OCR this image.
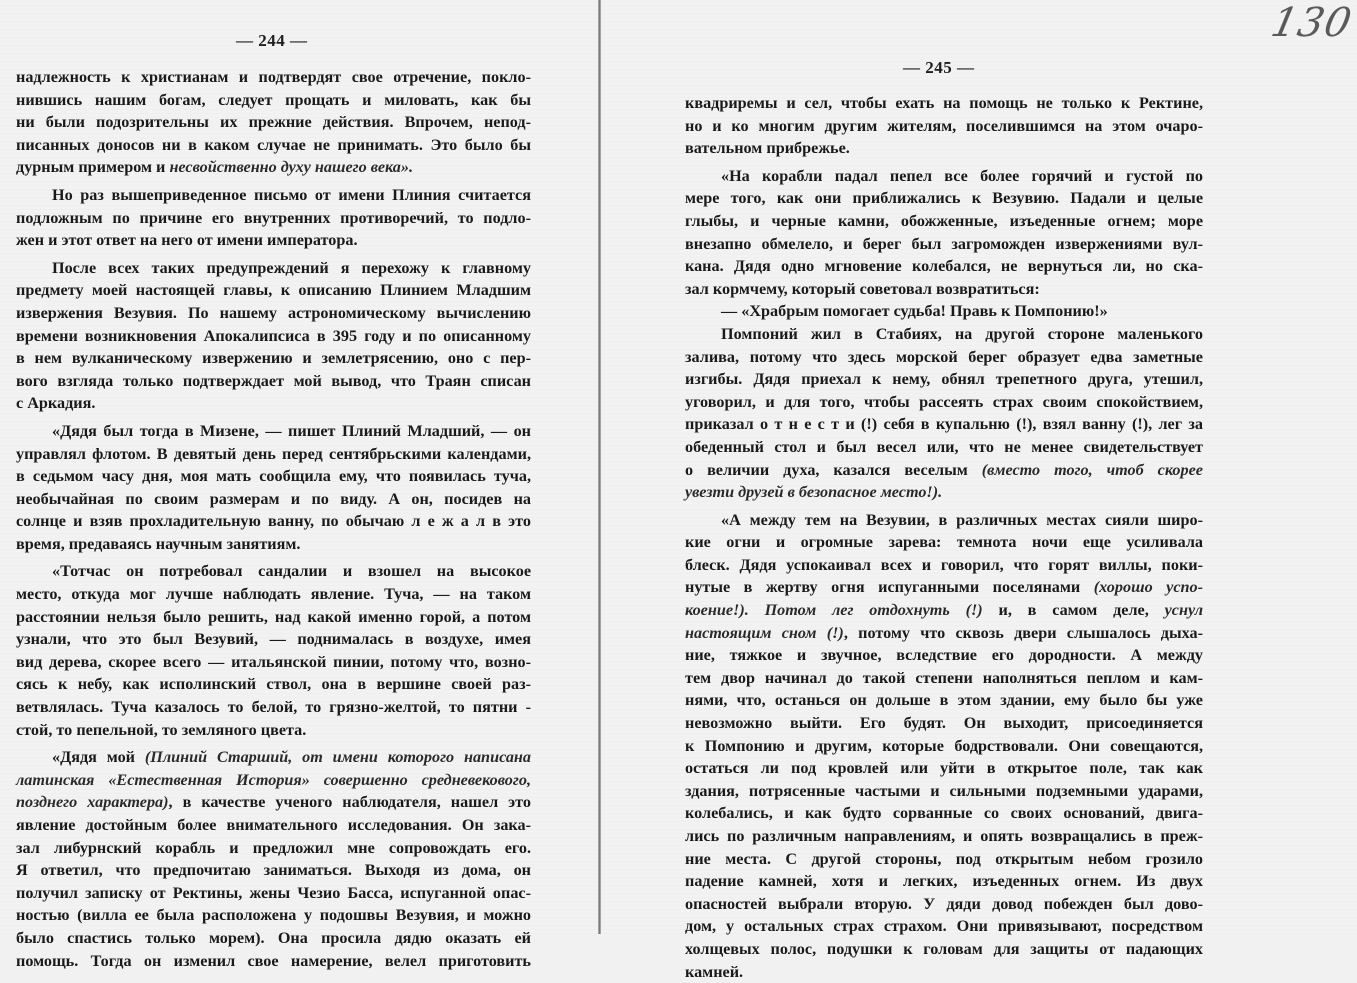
— 244 —
надлежность к христианам и подтвердят свое отречение, покло-
нившись нашим богам, следует прощать и миловать, как бы
ни были подозрительны их прежние действия. Впрочем, непод-
писанных доносов ни в каком случае не принимать. Это было бы
дурным примером и несвойственно духу нашего века».
Но раз вышеприведенное письмо от имени Плиния считается
подложным по причине его внутренних противоречий, то подло-
жен и этот ответ на него от имени императора.
После всех таких предупреждений я перехожу к главному
предмету моей настоящей главы, к описанию Плинием Младшим
извержения Везувия. По нашему астрономическому вычислению
времени возникновения Апокалипсиса в 395 году и по описанному
в нем вулканическому извержению и землетрясению, оно с пер-
вого взгляда только подтверждает мой вывод, что Траян списан
с Аркадия.
«Дядя был тогда в Мизене, — пишет Плиний Младший, — он
управлял флотом. В девятый день перед сентябрьскими календами,
в седьмом часу дня, моя мать сообщила ему, что появилась туча,
необычайная по своим размерам и по виду. А он, посидев на
солнце и взяв прохладительную ванну, по обычаю л е ж а л в это
время, предаваясь научным занятиям.
«Тотчас он потребовал сандалии и взошел на высокое
место, откуда мог лучше наблюдать явление. Туча, — на таком
расстоянии нельзя было решить, над какой именно горой, а потом
узнали, что это был Везувий, — поднималась в воздухе, имея
вид дерева, скорее всего — итальянской пинии, потому что, возно-
сясь к небу, как исполинский ствол, она в вершине своей раз-
ветвлялась. Туча казалось то белой, то грязно-желтой, то пятни -
стой, то пепельной, то земляного цвета.
«Дядя мой (Плиний Старший, от имени которого написана
латинская «Естественная История» совершенно средневекового,
позднего характера), в качестве ученого наблюдателя, нашел это
явление достойным более внимательного исследования. Он зака-
зал либурнский корабль и предложил мне сопровождать его.
Я ответил, что предпочитаю заниматься. Выходя из дома, он
получил записку от Ректины, жены Чезио Басса, испуганной опас-
ностью (вилла ее была расположена у подошвы Везувия, и можно
было спастись только морем). Она просила дядю оказать ей
помощь. Тогда он изменил свое намерение, велел приготовить
130
— 245 —
квадриремы и сел, чтобы ехать на помощь не только к Ректине,
но и ко многим другим жителям, поселившимся на этом очаро-
вательном прибрежье.
«На корабли падал пепел все более горячий и густой по
мере того, как они приближались к Везувию. Падали и целые
глыбы, и черные камни, обожженные, изъеденные огнем; море
внезапно обмелело, и берег был загроможден извержениями вул-
кана. Дядя одно мгновение колебался, не вернуться ли, но ска-
зал кормчему, который советовал возвратиться:
— «Храбрым помогает судьба! Правь к Помпонию!»
Помпоний жил в Стабиях, на другой стороне маленького
залива, потому что здесь морской берег образует едва заметные
изгибы. Дядя приехал к нему, обнял трепетного друга, утешил,
уговорил, и для того, чтобы рассеять страх своим спокойствием,
приказал о т н е с т и (!) себя в купальню (!), взял ванну (!), лег за
обеденный стол и был весел или, что не менее свидетельствует
о величии духа, казался веселым (вместо того, чтоб скорее
увезти друзей в безопасное место!).
«А между тем на Везувии, в различных местах сияли широ-
кие огни и огромные зарева: темнота ночи еще усиливала
блеск. Дядя успокаивал всех и говорил, что горят виллы, поки-
нутые в жертву огня испуганными поселянами (хорошо успо-
коение!). Потом лег отдохнуть (!) и, в самом деле, уснул
настоящим сном (!), потому что сквозь двери слышалось дыха-
ние, тяжкое и звучное, вследствие его дородности. А между
тем двор начинал до такой степени наполняться пеплом и кам-
нями, что, останься он дольше в этом здании, ему было бы уже
невозможно выйти. Его будят. Он выходит, присоединяется
к Помпонию и другим, которые бодрствовали. Они совещаются,
остаться ли под кровлей или уйти в открытое поле, так как
здания, потрясенные частыми и сильными подземными ударами,
колебались, и как будто сорванные со своих оснований, двига-
лись по различным направлениям, и опять возвращались в преж-
ние места. С другой стороны, под открытым небом грозило
падение камней, хотя и легких, изъеденных огнем. Из двух
опасностей выбрали вторую. У дяди довод побежден был дово-
дом, у остальных страх страхом. Они привязывают, посредством
холщевых полос, подушки к головам для защиты от падающих
камней.
